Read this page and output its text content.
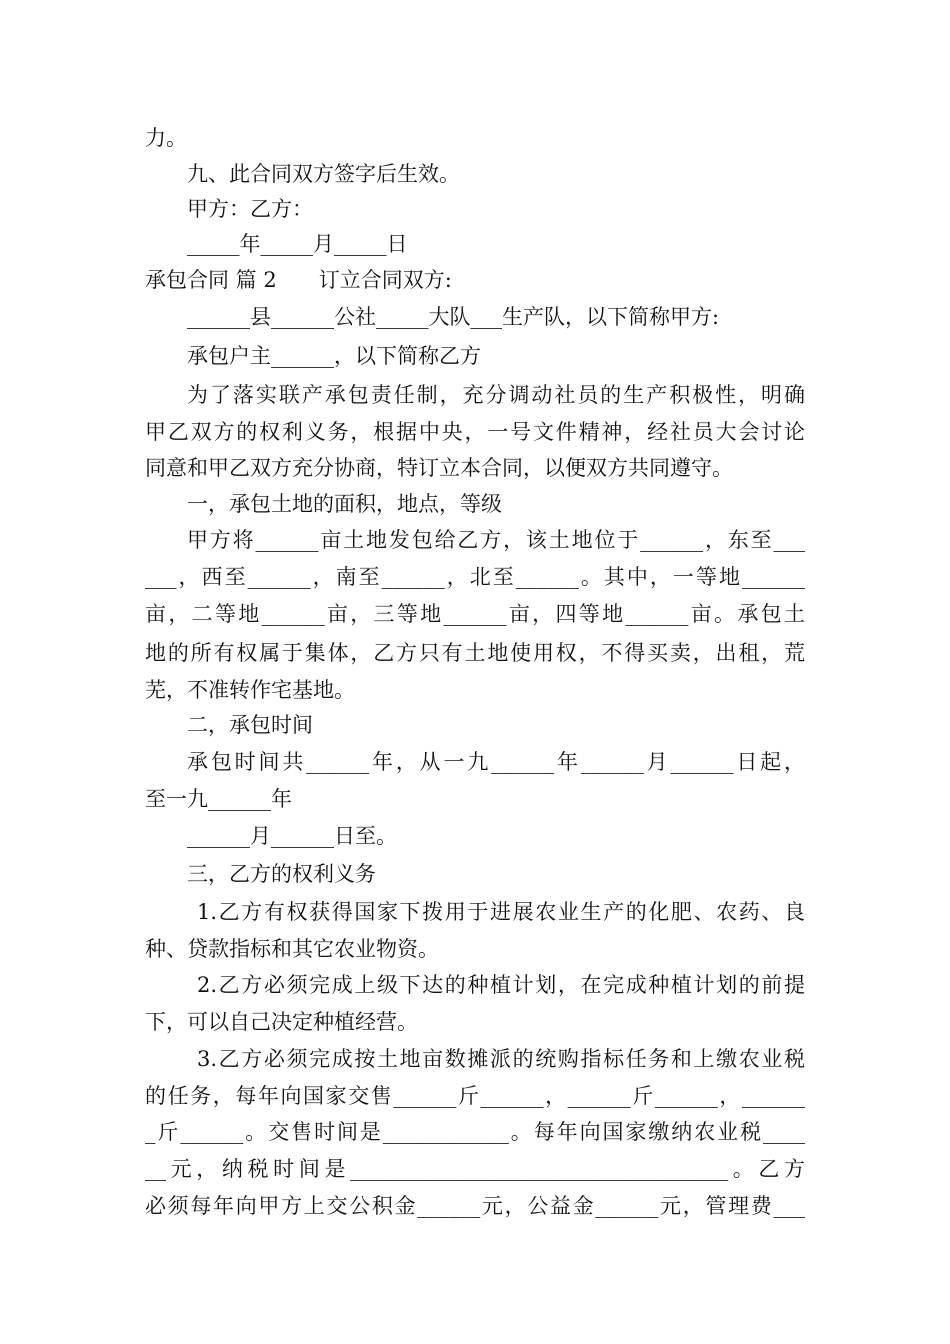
力。
九、此合同双方签字后生效。
甲方：乙方：
_____年_____月_____日
承包合同 篇 2　　订立合同双方:
______县______公社_____大队___生产队，以下简称甲方:
承包户主______，以下简称乙方
为了落实联产承包责任制，充分调动社员的生产积极性，明确
甲乙双方的权利义务，根据中央，一号文件精神，经社员大会讨论
同意和甲乙双方充分协商，特订立本合同，以便双方共同遵守。
一，承包土地的面积，地点，等级
甲方将______亩土地发包给乙方，该土地位于______，东至___
___，西至______，南至______，北至______。其中，一等地______
亩，二等地______亩，三等地______亩，四等地______亩。承包土
地的所有权属于集体，乙方只有土地使用权，不得买卖，出租，荒
芜，不准转作宅基地。
二，承包时间
承包时间共______年，从一九______年______月______日起，
至一九______年
______月______日至。
三，乙方的权利义务
1.乙方有权获得国家下拨用于进展农业生产的化肥、农药、良
种、贷款指标和其它农业物资。
2.乙方必须完成上级下达的种植计划，在完成种植计划的前提
下，可以自己决定种植经营。
3.乙方必须完成按土地亩数摊派的统购指标任务和上缴农业税
的任务，每年向国家交售______斤______，______斤______，______
_斤______。交售时间是____________。每年向国家缴纳农业税____
__元，纳税时间是____________________________________。乙方
必须每年向甲方上交公积金______元，公益金______元，管理费___
